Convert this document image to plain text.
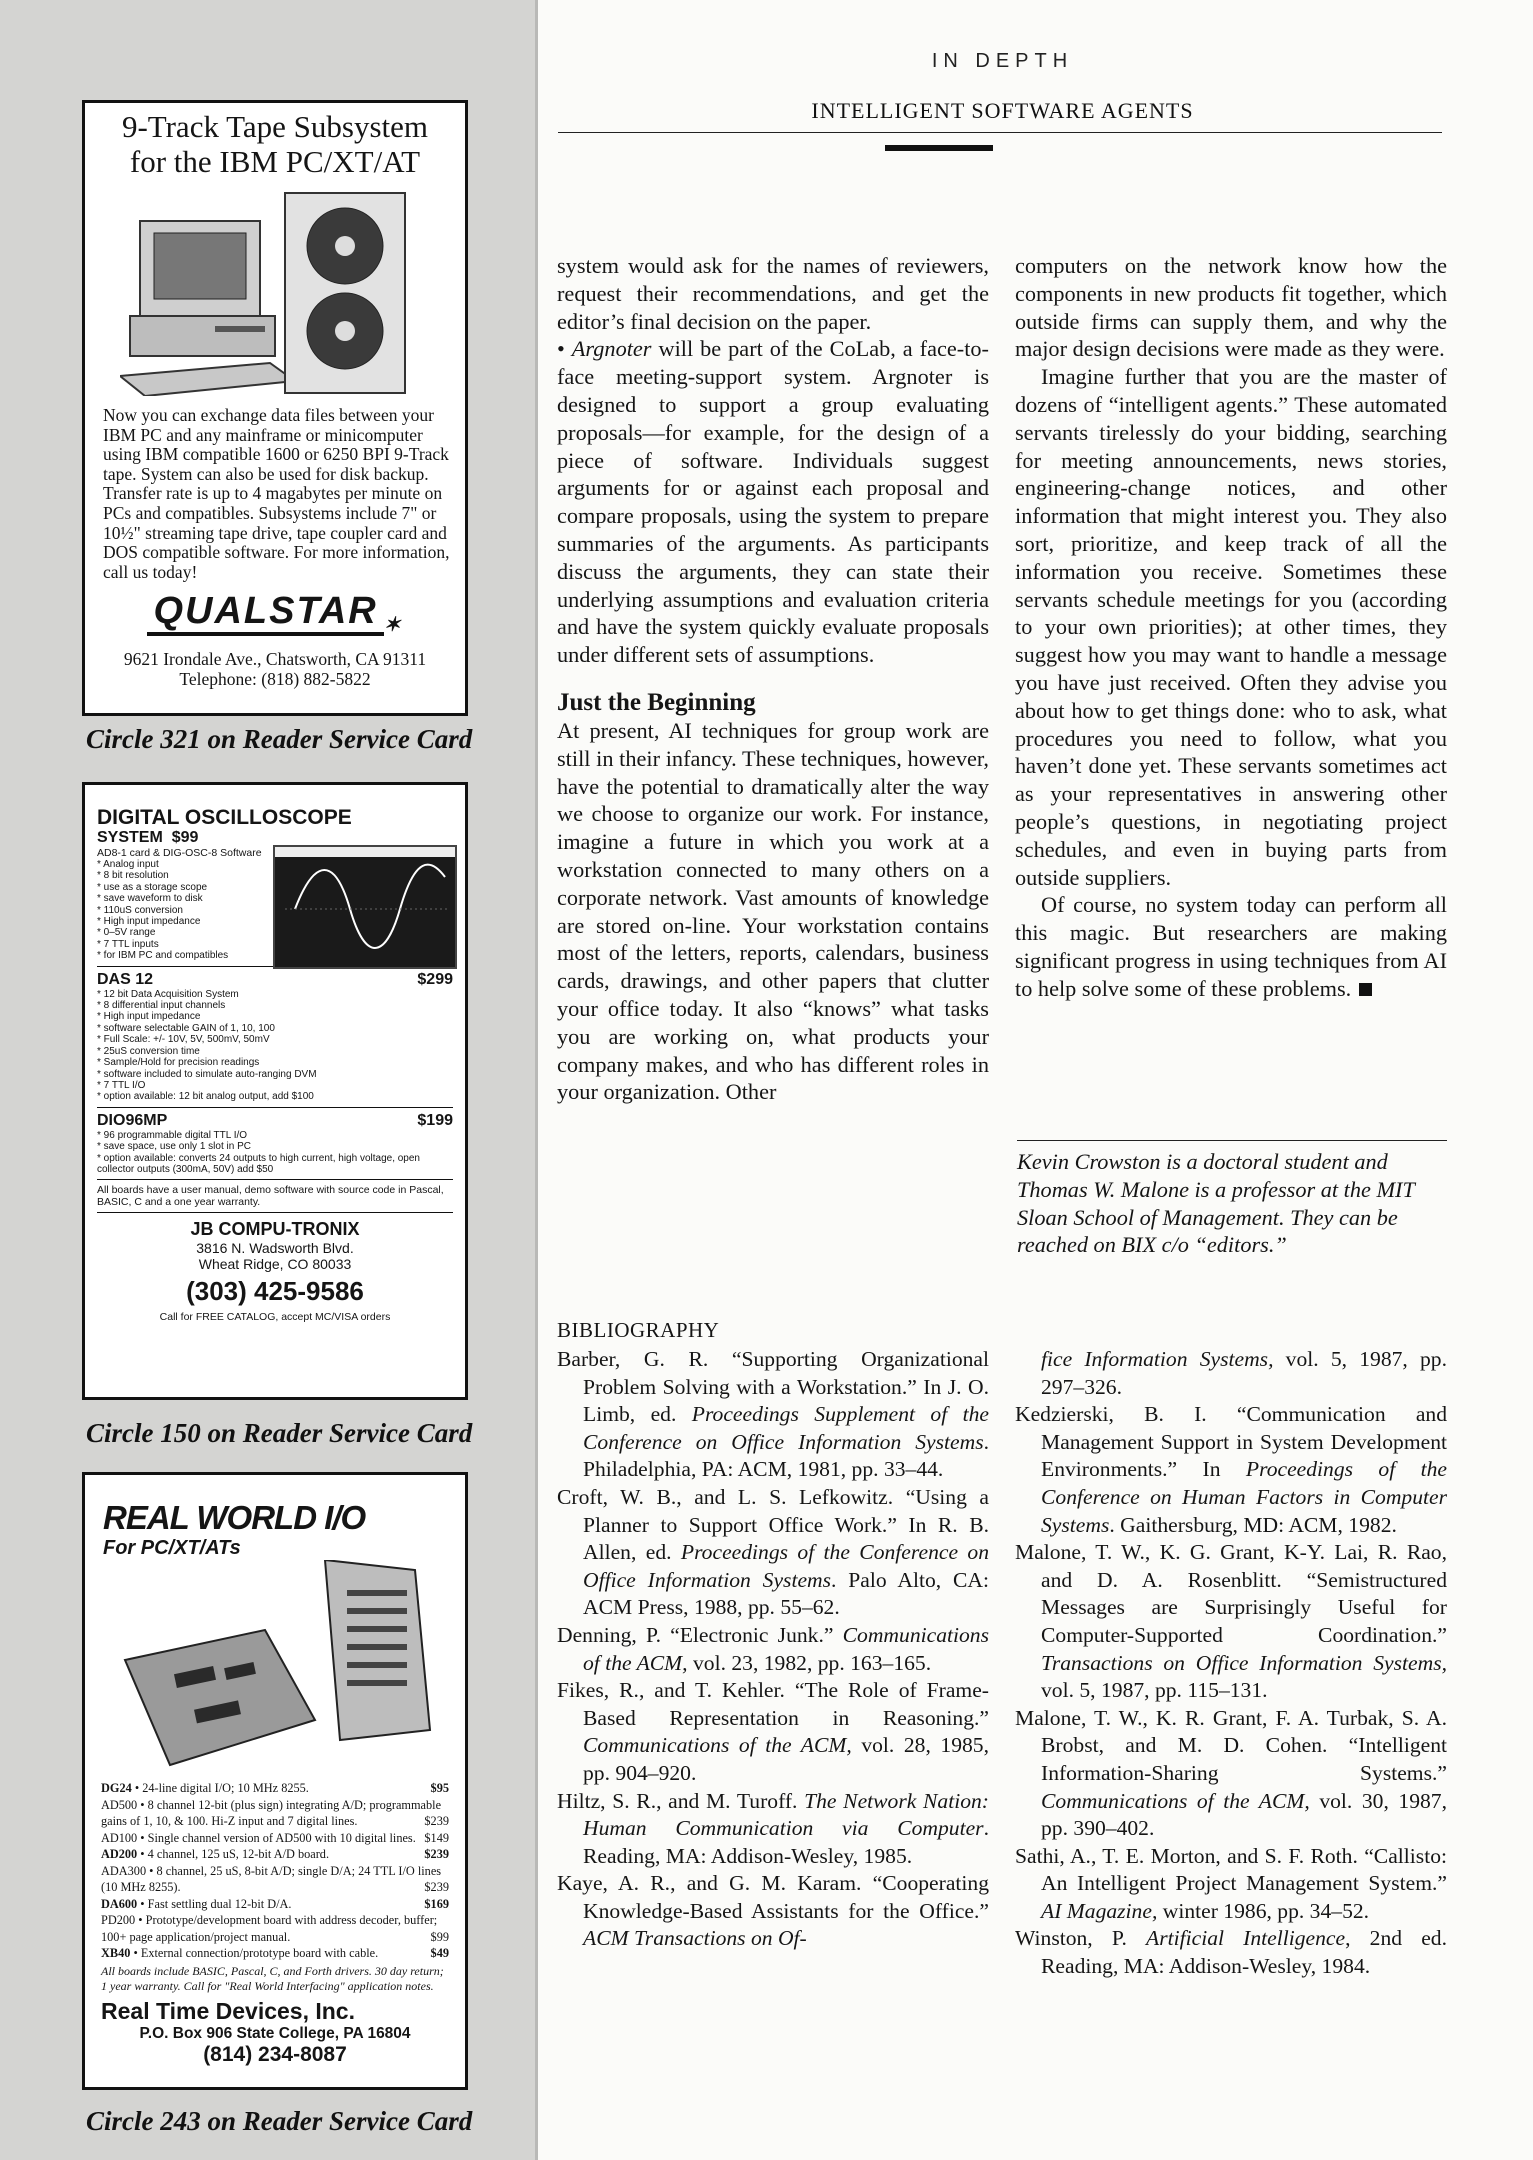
9-Track Tape Subsystem
for the IBM PC/XT/AT
Now you can exchange data files between your IBM PC and any mainframe or minicomputer using IBM compatible 1600 or 6250 BPI 9-Track tape. System can also be used for disk backup. Transfer rate is up to 4 magabytes per minute on PCs and compatibles. Subsystems include 7" or 10½" streaming tape drive, tape coupler card and DOS compatible software. For more information, call us today!
QUALSTAR $_✶$
9621 Irondale Ave., Chatsworth, CA 91311
Telephone: (818) 882-5822
Circle 321 on Reader Service Card
DIGITAL OSCILLOSCOPE
SYSTEM $99
AD8-1 card & DIG-OSC-8 Software
* Analog input
* 8 bit resolution
* use as a storage scope
* save waveform to disk
* 110uS conversion
* High input impedance
* 0–5V range
* 7 TTL inputs
* for IBM PC and compatibles
DAS 12	$299
* 12 bit Data Acquisition System
* 8 differential input channels
* High input impedance
* software selectable GAIN of 1, 10, 100
* Full Scale: +/- 10V, 5V, 500mV, 50mV
* 25uS conversion time
* Sample/Hold for precision readings
* software included to simulate auto-ranging DVM
* 7 TTL I/O
* option available: 12 bit analog output, add $100
DIO96MP	$199
* 96 programmable digital TTL I/O
* save space, use only 1 slot in PC
* option available: converts 24 outputs to high current, high voltage, open collector outputs (300mA, 50V) add $50
All boards have a user manual, demo software with source code in Pascal, BASIC, C and a one year warranty.
JB COMPU-TRONIX
3816 N. Wadsworth Blvd.
Wheat Ridge, CO 80033
(303) 425-9586
Call for FREE CATALOG, accept MC/VISA orders
Circle 150 on Reader Service Card
REAL WORLD I/O
For PC/XT/ATs
DG24 • 24-line digital I/O; 10 MHz 8255.	$95
AD500 • 8 channel 12-bit (plus sign) integrating A/D; programmable gains of 1, 10, & 100. Hi-Z input and 7 digital lines.	$239
AD100 • Single channel version of AD500 with 10 digital lines. $149
AD200 • 4 channel, 125 uS, 12-bit A/D board.	$239
ADA300 • 8 channel, 25 uS, 8-bit A/D; single D/A; 24 TTL I/O lines (10 MHz 8255).	$239
DA600 • Fast settling dual 12-bit D/A.	$169
PD200 • Prototype/development board with address decoder, buffer; 100+ page application/project manual.	$99
XB40 • External connection/prototype board with cable.	$49
All boards include BASIC, Pascal, C, and Forth drivers. 30 day return; 1 year warranty. Call for "Real World Interfacing" application notes.
Real Time Devices, Inc.
P.O. Box 906 State College, PA 16804
(814) 234-8087
Circle 243 on Reader Service Card
IN DEPTH
INTELLIGENT SOFTWARE AGENTS

system would ask for the names of reviewers, request their recommendations, and get the editor’s final decision on the paper.

• Argnoter will be part of the CoLab, a face-to-face meeting-support system. Argnoter is designed to support a group evaluating proposals—for example, for the design of a piece of software. Individuals suggest arguments for or against each proposal and compare proposals, using the system to prepare summaries of the arguments. As participants discuss the arguments, they can state their underlying assumptions and evaluation criteria and have the system quickly evaluate proposals under different sets of assumptions.

Just the Beginning

At present, AI techniques for group work are still in their infancy. These techniques, however, have the potential to dramatically alter the way we choose to organize our work. For instance, imagine a future in which you work at a workstation connected to many others on a corporate network. Vast amounts of knowledge are stored on-line. Your workstation contains most of the letters, reports, calendars, business cards, drawings, and other papers that clutter your office today. It also “knows” what tasks you are working on, what products your company makes, and who has different roles in your organization. Other

computers on the network know how the components in new products fit together, which outside firms can supply them, and why the major design decisions were made as they were.

Imagine further that you are the master of dozens of “intelligent agents.” These automated servants tirelessly do your bidding, searching for meeting announcements, news stories, engineering-change notices, and other information that might interest you. They also sort, prioritize, and keep track of all the information you receive. Sometimes these servants schedule meetings for you (according to your own priorities); at other times, they suggest how you may want to handle a message you have just received. Often they advise you about how to get things done: who to ask, what procedures you need to follow, what you haven’t done yet. These servants sometimes act as your representatives in answering other people’s questions, in negotiating project schedules, and even in buying parts from outside suppliers.

Of course, no system today can perform all this magic. But researchers are making significant progress in using techniques from AI to help solve some of these problems.

Kevin Crowston is a doctoral student and Thomas W. Malone is a professor at the MIT Sloan School of Management. They can be reached on BIX c/o “editors.”
BIBLIOGRAPHY
Barber, G. R. “Supporting Organizational Problem Solving with a Workstation.” In J. O. Limb, ed. Proceedings Supplement of the Conference on Office Information Systems. Philadelphia, PA: ACM, 1981, pp. 33–44.
Croft, W. B., and L. S. Lefkowitz. “Using a Planner to Support Office Work.” In R. B. Allen, ed. Proceedings of the Conference on Office Information Systems. Palo Alto, CA: ACM Press, 1988, pp. 55–62.
Denning, P. “Electronic Junk.” Communications of the ACM, vol. 23, 1982, pp. 163–165.
Fikes, R., and T. Kehler. “The Role of Frame-Based Representation in Reasoning.” Communications of the ACM, vol. 28, 1985, pp. 904–920.
Hiltz, S. R., and M. Turoff. The Network Nation: Human Communication via Computer. Reading, MA: Addison-Wesley, 1985.
Kaye, A. R., and G. M. Karam. “Cooperating Knowledge-Based Assistants for the Office.” ACM Transactions on Of-
fice Information Systems, vol. 5, 1987, pp. 297–326.
Kedzierski, B. I. “Communication and Management Support in System Development Environments.” In Proceedings of the Conference on Human Factors in Computer Systems. Gaithersburg, MD: ACM, 1982.
Malone, T. W., K. G. Grant, K-Y. Lai, R. Rao, and D. A. Rosenblitt. “Semistructured Messages are Surprisingly Useful for Computer-Supported Coordination.” Transactions on Office Information Systems, vol. 5, 1987, pp. 115–131.
Malone, T. W., K. R. Grant, F. A. Turbak, S. A. Brobst, and M. D. Cohen. “Intelligent Information-Sharing Systems.” Communications of the ACM, vol. 30, 1987, pp. 390–402.
Sathi, A., T. E. Morton, and S. F. Roth. “Callisto: An Intelligent Project Management System.” AI Magazine, winter 1986, pp. 34–52.
Winston, P. Artificial Intelligence, 2nd ed. Reading, MA: Addison-Wesley, 1984.
